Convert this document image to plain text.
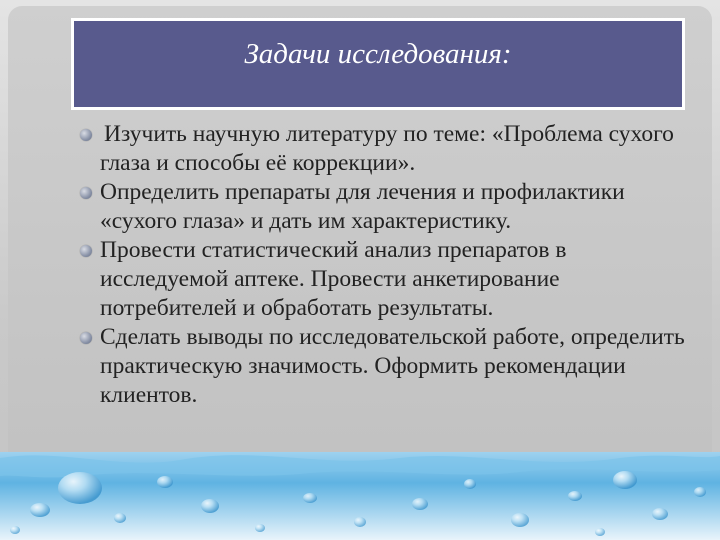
Задачи исследования:
Изучить научную литературу по теме: «Проблема сухого глаза и способы её коррекции».
Определить препараты для лечения и профилактики «сухого глаза» и дать им характеристику.
Провести статистический анализ препаратов в исследуемой аптеке. Провести анкетирование потребителей и обработать результаты.
Сделать выводы по исследовательской работе, определить практическую значимость. Оформить рекомендации клиентов.
